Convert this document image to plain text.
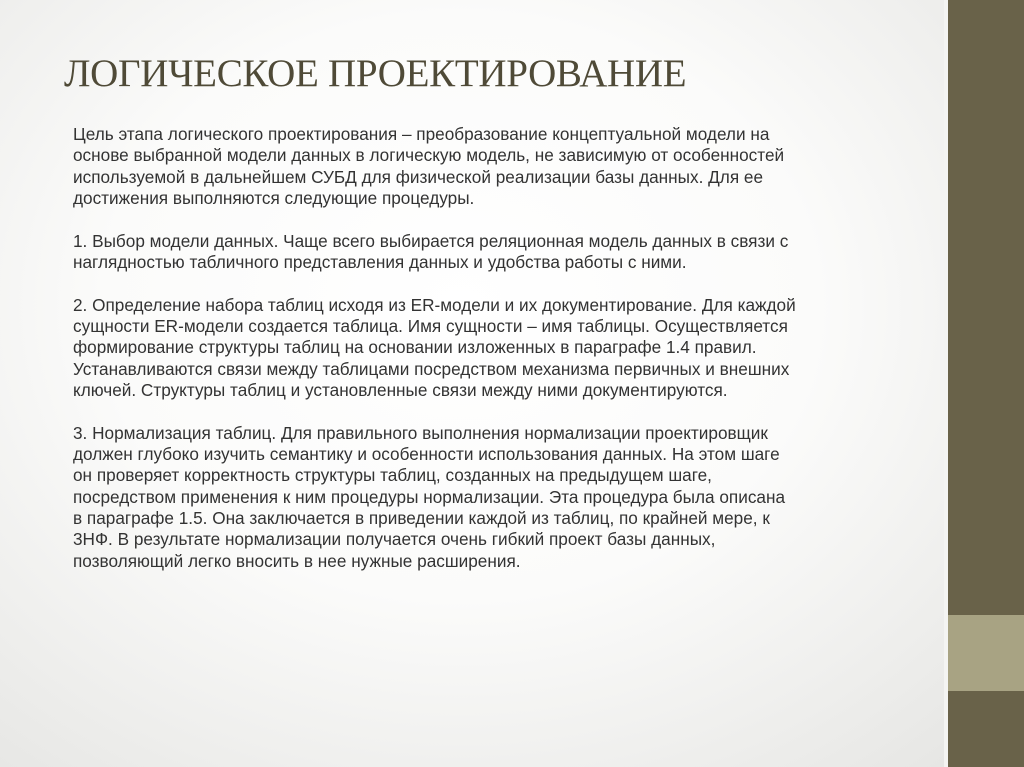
ЛОГИЧЕСКОЕ ПРОЕКТИРОВАНИЕ

Цель этапа логического проектирования – преобразование концептуальной модели на
основе выбранной модели данных в логическую модель, не зависимую от особенностей
используемой в дальнейшем СУБД для физической реализации базы данных. Для ее
достижения выполняются следующие процедуры.

1. Выбор модели данных. Чаще всего выбирается реляционная модель данных в связи с
наглядностью табличного представления данных и удобства работы с ними.

2. Определение набора таблиц исходя из ER-модели и их документирование. Для каждой
сущности ER-модели создается таблица. Имя сущности – имя таблицы. Осуществляется
формирование структуры таблиц на основании изложенных в параграфе 1.4 правил.
Устанавливаются связи между таблицами посредством механизма первичных и внешних
ключей. Структуры таблиц и установленные связи между ними документируются.

3. Нормализация таблиц. Для правильного выполнения нормализации проектировщик
должен глубоко изучить семантику и особенности использования данных. На этом шаге
он проверяет корректность структуры таблиц, созданных на предыдущем шаге,
посредством применения к ним процедуры нормализации. Эта процедура была описана
в параграфе 1.5. Она заключается в приведении каждой из таблиц, по крайней мере, к
3НФ. В результате нормализации получается очень гибкий проект базы данных,
позволяющий легко вносить в нее нужные расширения.
